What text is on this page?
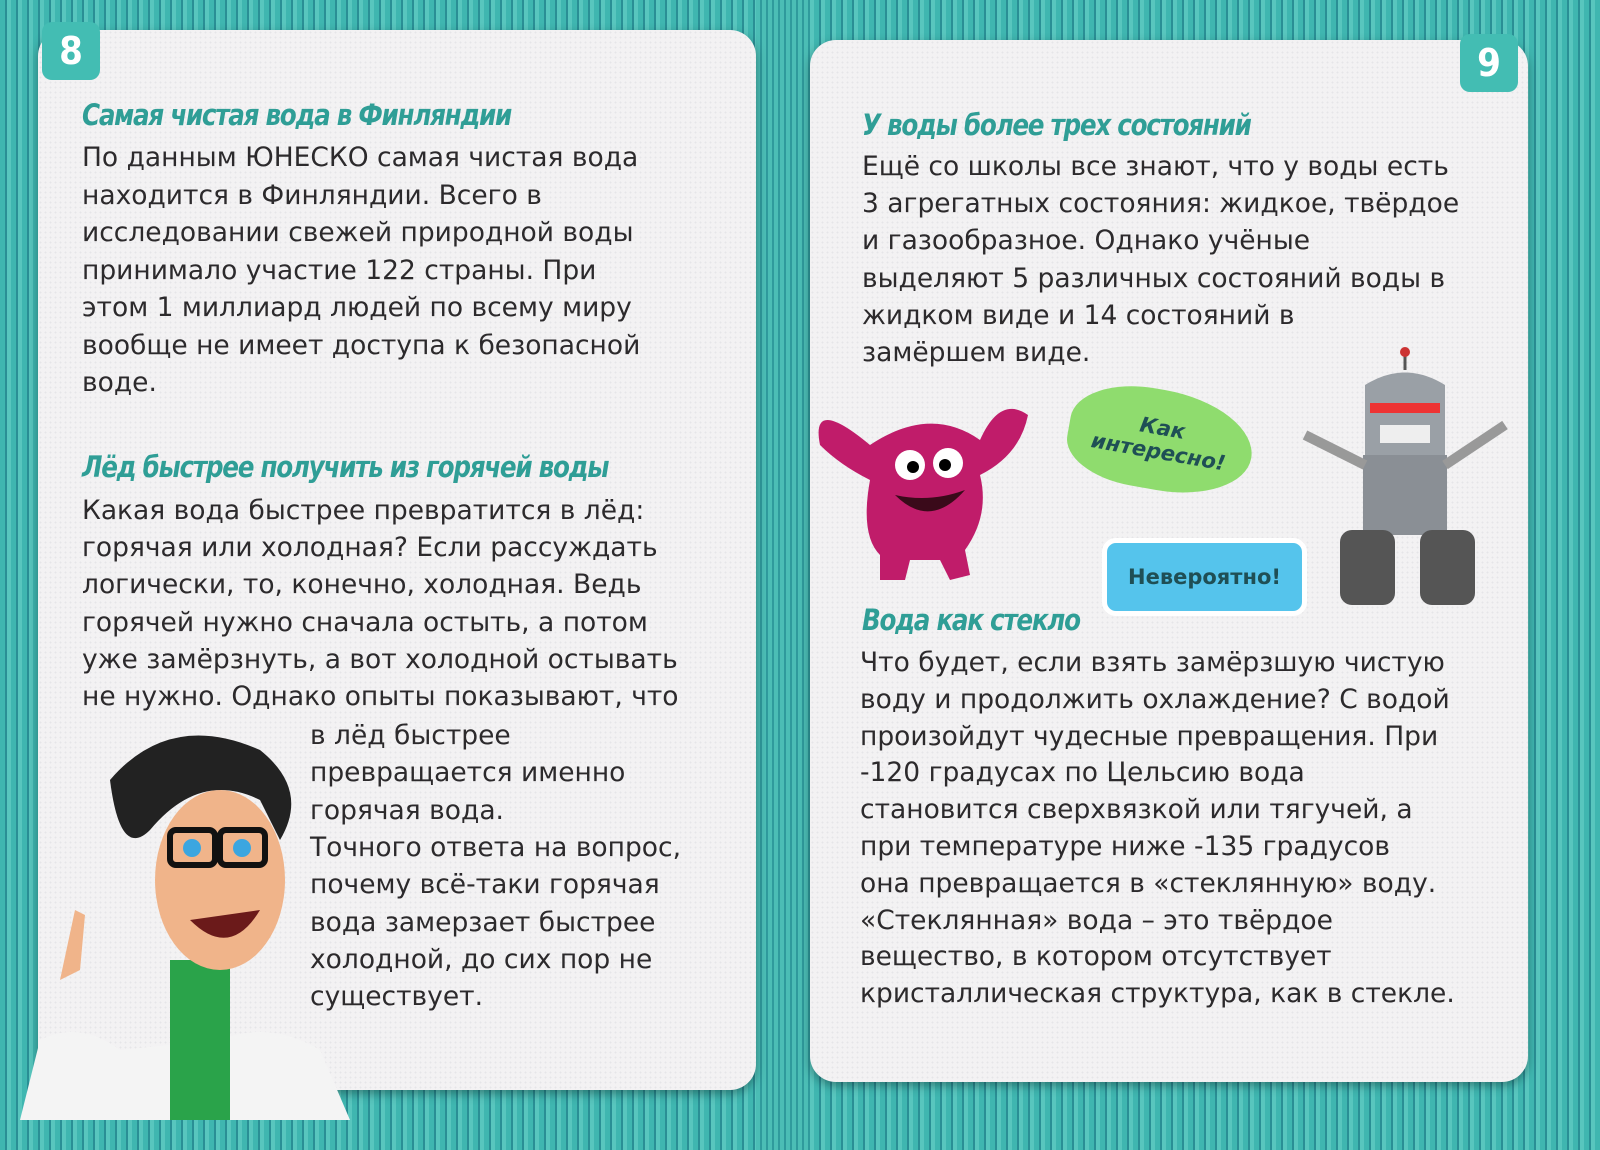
8	9
Самая чистая вода в Финляндии
По данным ЮНЕСКО самая чистая вода
находится в Финляндии. Всего в
исследовании свежей природной воды
принимало участие 122 страны. При
этом 1 миллиард людей по всему миру
вообще не имеет доступа к безопасной
воде.
Лёд быстрее получить из горячей воды
Какая вода быстрее превратится в лёд:
горячая или холодная? Если рассуждать
логически, то, конечно, холодная. Ведь
горячей нужно сначала остыть, а потом
уже замёрзнуть, а вот холодной остывать
не нужно. Однако опыты показывают, что
в лёд быстрее
превращается именно
горячая вода.
Точного ответа на вопрос,
почему всё-таки горячая
вода замерзает быстрее
холодной, до сих пор не
существует.
У воды более трех состояний
Ещё со школы все знают, что у воды есть
3 агрегатных состояния: жидкое, твёрдое
и газообразное. Однако учёные
выделяют 5 различных состояний воды в
жидком виде и 14 состояний в
замёршем виде.
Вода как стекло
Что будет, если взять замёрзшую чистую
воду и продолжить охлаждение? С водой
произойдут чудесные превращения. При
-120 градусах по Цельсию вода
становится сверхвязкой или тягучей, а
при температуре ниже -135 градусов
она превращается в «стеклянную» воду.
«Стеклянная» вода – это твёрдое
вещество, в котором отсутствует
кристаллическая структура, как в стекле.
Как интересно!
Невероятно!
